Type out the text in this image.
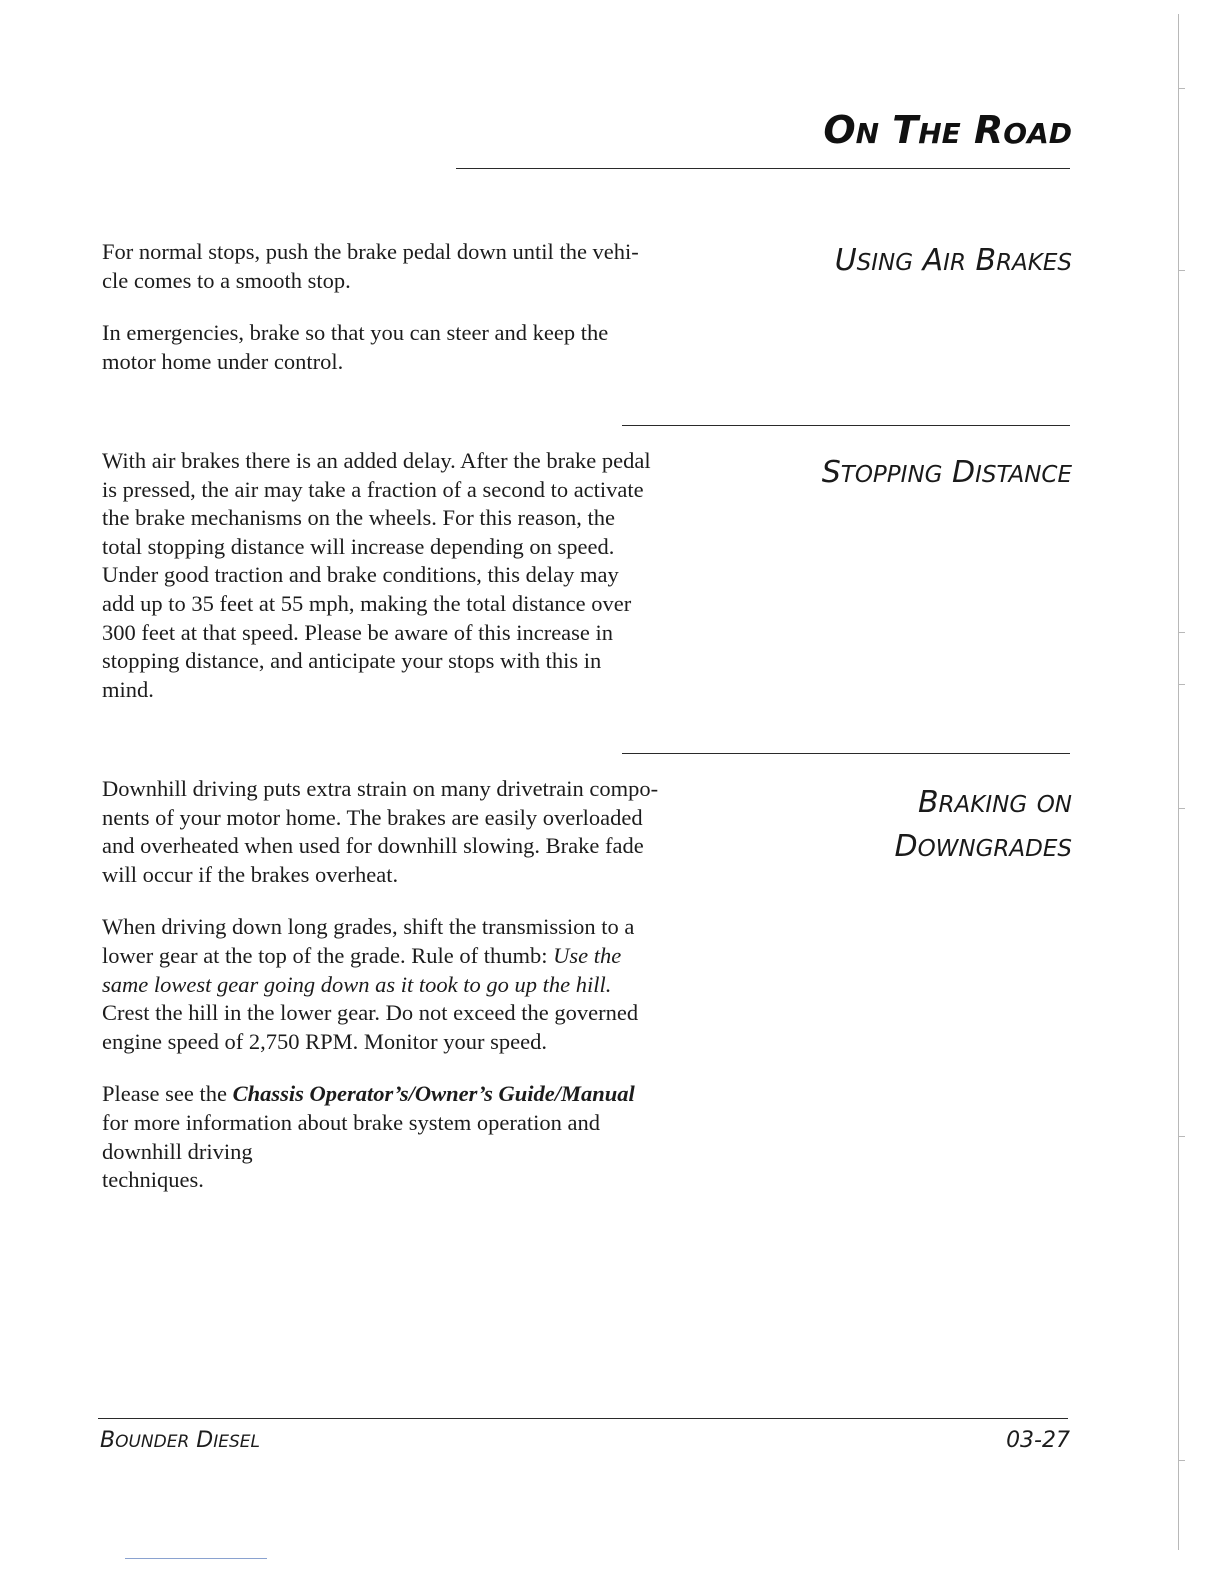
ON THE ROAD
USING AIR BRAKES

For normal stops, push the brake pedal down until the vehi-
cle comes to a smooth stop.

In emergencies, brake so that you can steer and keep the
motor home under control.

STOPPING DISTANCE

With air brakes there is an added delay. After the brake pedal
is pressed, the air may take a fraction of a second to activate
the brake mechanisms on the wheels. For this reason, the
total stopping distance will increase depending on speed.
Under good traction and brake conditions, this delay may
add up to 35 feet at 55 mph, making the total distance over
300 feet at that speed. Please be aware of this increase in
stopping distance, and anticipate your stops with this in
mind.

BRAKING ON
DOWNGRADES

Downhill driving puts extra strain on many drivetrain compo-
nents of your motor home. The brakes are easily overloaded
and overheated when used for downhill slowing. Brake fade
will occur if the brakes overheat.

When driving down long grades, shift the transmission to a
lower gear at the top of the grade. Rule of thumb: Use the
same lowest gear going down as it took to go up the hill.
Crest the hill in the lower gear. Do not exceed the governed
engine speed of 2,750 RPM. Monitor your speed.

Please see the Chassis Operator’s/Owner’s Guide/Manual
for more information about brake system operation and
downhill driving
techniques.

BOUNDER DIESEL	03-27
